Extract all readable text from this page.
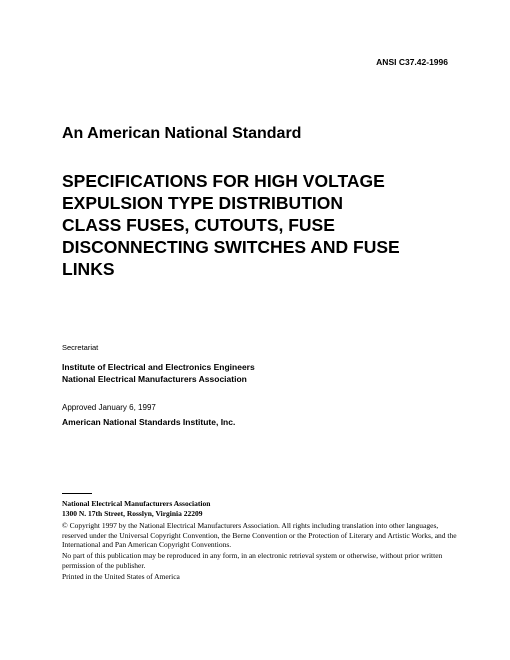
ANSI C37.42-1996
An American National Standard
SPECIFICATIONS FOR HIGH VOLTAGE
EXPULSION TYPE DISTRIBUTION
CLASS FUSES, CUTOUTS, FUSE
DISCONNECTING SWITCHES AND FUSE
LINKS
Secretariat
Institute of Electrical and Electronics Engineers
National Electrical Manufacturers Association
Approved January 6, 1997
American National Standards Institute, Inc.
National Electrical Manufacturers Association
1300 N. 17th Street, Rosslyn, Virginia 22209
© Copyright 1997 by the National Electrical Manufacturers Association. All rights including translation into other languages, reserved under the Universal Copyright Convention, the Berne Convention or the Protection of Literary and Artistic Works, and the International and Pan American Copyright Conventions.
No part of this publication may be reproduced in any form, in an electronic retrieval system or otherwise, without prior written permission of the publisher.
Printed in the United States of America
